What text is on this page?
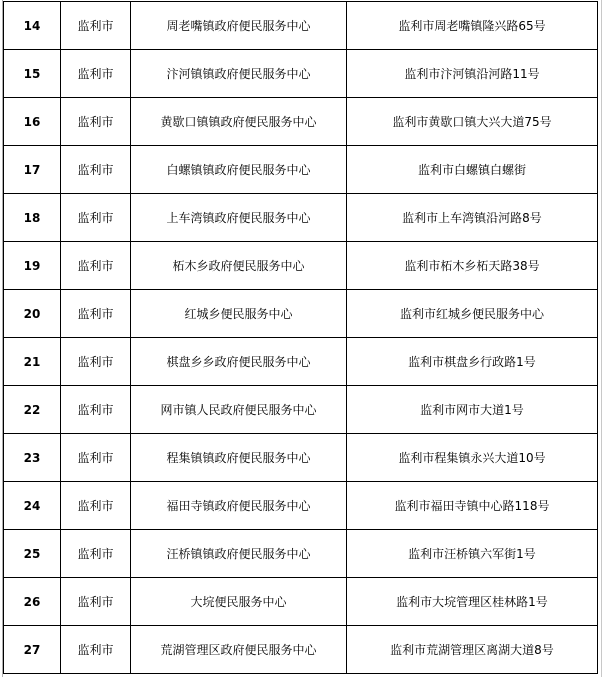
14	监利市	周老嘴镇政府便民服务中心	监利市周老嘴镇隆兴路65号
15	监利市	汴河镇镇政府便民服务中心	监利市汴河镇沿河路11号
16	监利市	黄歇口镇镇政府便民服务中心	监利市黄歇口镇大兴大道75号
17	监利市	白螺镇镇政府便民服务中心	监利市白螺镇白螺街
18	监利市	上车湾镇政府便民服务中心	监利市上车湾镇沿河路8号
19	监利市	柘木乡政府便民服务中心	监利市柘木乡柘天路38号
20	监利市	红城乡便民服务中心	监利市红城乡便民服务中心
21	监利市	棋盘乡乡政府便民服务中心	监利市棋盘乡行政路1号
22	监利市	网市镇人民政府便民服务中心	监利市网市大道1号
23	监利市	程集镇镇政府便民服务中心	监利市程集镇永兴大道10号
24	监利市	福田寺镇政府便民服务中心	监利市福田寺镇中心路118号
25	监利市	汪桥镇镇政府便民服务中心	监利市汪桥镇六军街1号
26	监利市	大垸便民服务中心	监利市大垸管理区桂林路1号
27	监利市	荒湖管理区政府便民服务中心	监利市荒湖管理区离湖大道8号
